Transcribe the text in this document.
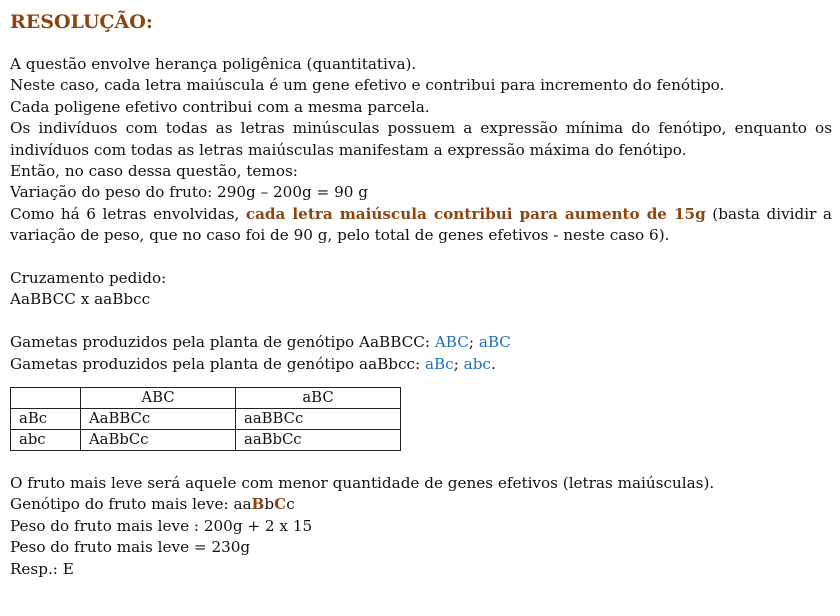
RESOLUÇÃO:

A questão envolve herança poligênica (quantitativa).

Neste caso, cada letra maiúscula é um gene efetivo e contribui para incremento do fenótipo.

Cada poligene efetivo contribui com a mesma parcela.

Os indivíduos com todas as letras minúsculas possuem a expressão mínima do fenótipo, enquanto os indivíduos com todas as letras maiúsculas manifestam a expressão máxima do fenótipo.

Então, no caso dessa questão, temos:

Variação do peso do fruto: 290g – 200g = 90 g

Como há 6 letras envolvidas, cada letra maiúscula contribui para aumento de 15g (basta dividir a variação de peso, que no caso foi de 90 g, pelo total de genes efetivos - neste caso 6).

Cruzamento pedido:

AaBBCC x aaBbcc

Gametas produzidos pela planta de genótipo AaBBCC: ABC; aBC

Gametas produzidos pela planta de genótipo aaBbcc: aBc; abc.

	ABC	aBC
aBc	AaBBCc	aaBBCc
abc	AaBbCc	aaBbCc

O fruto mais leve será aquele com menor quantidade de genes efetivos (letras maiúsculas).

Genótipo do fruto mais leve: aaBbCc

Peso do fruto mais leve : 200g + 2 x 15

Peso do fruto mais leve = 230g

Resp.: E
